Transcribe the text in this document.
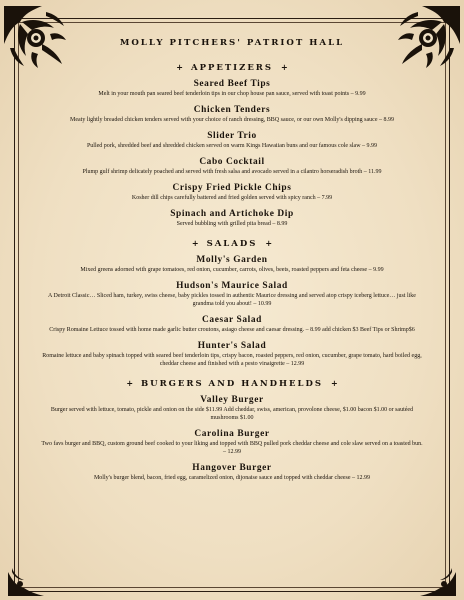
MOLLY PITCHERS' PATRIOT HALL
+ APPETIZERS +
Seared Beef Tips

Melt in your mouth pan seared beef tenderloin tips in our chop house pan sauce, served with toast points – 9.99

Chicken Tenders

Meaty lightly breaded chicken tenders served with your choice of ranch dressing, BBQ sauce, or our own Molly's dipping sauce – 8.99

Slider Trio

Pulled pork, shredded beef and shredded chicken served on warm Kings Hawaiian buns and our famous cole slaw – 9.99

Cabo Cocktail

Plump gulf shrimp delicately poached and served with fresh salsa and avocado served in a cilantro horseradish broth – 11.99

Crispy Fried Pickle Chips

Kosher dill chips carefully battered and fried golden served with spicy ranch – 7.99

Spinach and Artichoke Dip

Served bubbling with grilled pita bread – 8.99

+ SALADS +
Molly's Garden

Mixed greens adorned with grape tomatoes, red onion, cucumber, carrots, olives, beets, roasted peppers and feta cheese – 9.99

Hudson's Maurice Salad

A Detroit Classic… Sliced ham, turkey, swiss cheese, baby pickles tossed in authentic Maurice dressing and served atop crispy iceberg lettuce… just like grandma told you about! – 10.99

Caesar Salad

Crispy Romaine Lettuce tossed with home made garlic butter croutons, asiago cheese and caesar dressing. – 8.99 add chicken $3 Beef Tips or Shrimp$6

Hunter's Salad

Romaine lettuce and baby spinach topped with seared beef tenderloin tips, crispy bacon, roasted peppers, red onion, cucumber, grape tomato, hard boiled egg, cheddar cheese and finished with a pesto vinaigrette – 12.99

+ BURGERS AND HANDHELDS +
Valley Burger

Burger served with lettuce, tomato, pickle and onion on the side $11.99 Add cheddar, swiss, american, provolone cheese, $1.00 bacon $1.00 or sautéed mushrooms $1.00

Carolina Burger

Two favs burger and BBQ, custom ground beef cooked to your liking and topped with BBQ pulled pork cheddar cheese and cole slaw served on a toasted bun. – 12.99

Hangover Burger

Molly's burger blend, bacon, fried egg, caramelized onion, dijonaise sauce and topped with cheddar cheese – 12.99
